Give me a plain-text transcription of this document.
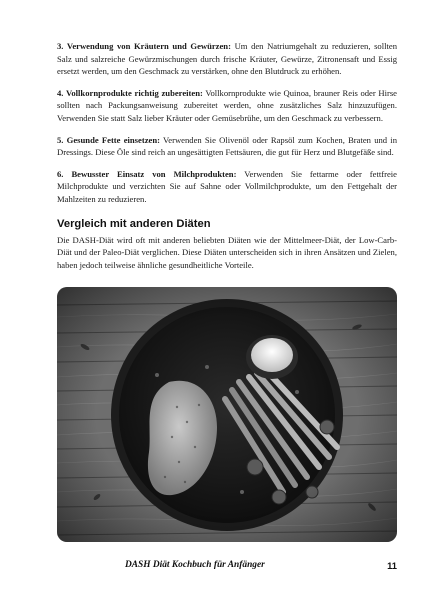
3. Verwendung von Kräutern und Gewürzen: Um den Natriumgehalt zu reduzieren, sollten Salz und salzreiche Gewürzmischungen durch frische Kräuter, Gewürze, Zitronensaft und Essig ersetzt werden, um den Geschmack zu verstärken, ohne den Blutdruck zu erhöhen.

4. Vollkornprodukte richtig zubereiten: Vollkornprodukte wie Quinoa, brauner Reis oder Hirse sollten nach Packungsanweisung zubereitet werden, ohne zusätzliches Salz hinzuzufügen. Verwenden Sie statt Salz lieber Kräuter oder Gemüsebrühe, um den Geschmack zu verbessern.

5. Gesunde Fette einsetzen: Verwenden Sie Olivenöl oder Rapsöl zum Kochen, Braten und in Dressings. Diese Öle sind reich an ungesättigten Fettsäuren, die gut für Herz und Blutgefäße sind.

6. Bewusster Einsatz von Milchprodukten: Verwenden Sie fettarme oder fettfreie Milchprodukte und verzichten Sie auf Sahne oder Vollmilchprodukte, um den Fettgehalt der Mahlzeiten zu reduzieren.

Vergleich mit anderen Diäten

Die DASH-Diät wird oft mit anderen beliebten Diäten wie der Mittelmeer-Diät, der Low-Carb-Diät und der Paleo-Diät verglichen. Diese Diäten unterscheiden sich in ihren Ansätzen und Zielen, haben jedoch teilweise ähnliche gesundheitliche Vorteile.

DASH Diät Kochbuch für Anfänger	11
